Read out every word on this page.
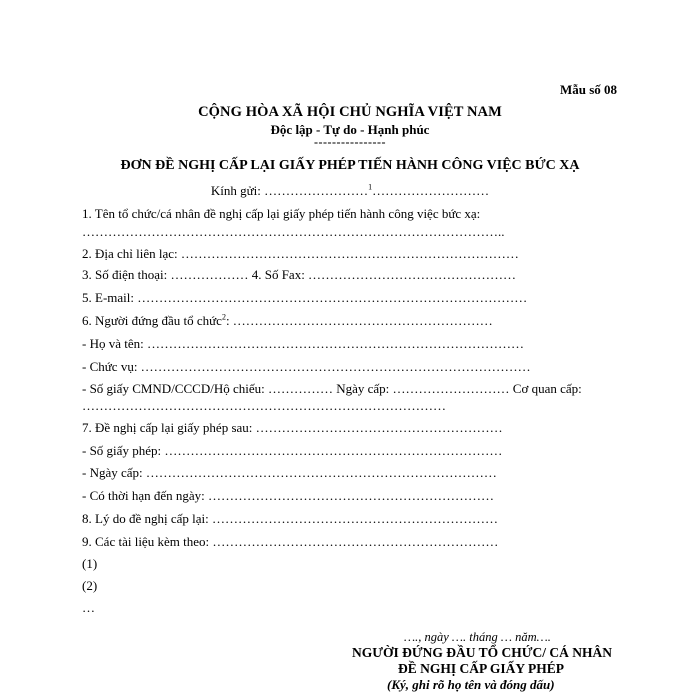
Mẫu số 08
CỘNG HÒA XÃ HỘI CHỦ NGHĨA VIỆT NAM
Độc lập - Tự do - Hạnh phúc
----------------
ĐƠN ĐỀ NGHỊ CẤP LẠI GIẤY PHÉP TIẾN HÀNH CÔNG VIỆC BỨC XẠ
Kính gửi: ……………………$^1$………………………
1. Tên tổ chức/cá nhân đề nghị cấp lại giấy phép tiến hành công việc bức xạ:
……………………………………………………………………………………..
2. Địa chỉ liên lạc: ……………………………………………………………………
3. Số điện thoại: ……………… 4. Số Fax: …………………………………………
5. E-mail: ………………………………………………………………………………
6. Người đứng đầu tổ chức$^2$: ……………………………………………………
- Họ và tên: ……………………………………………………………………………
- Chức vụ: ………………………………………………………………………………
- Số giấy CMND/CCCD/Hộ chiếu: …………… Ngày cấp: ……………………… Cơ quan cấp:
…………………………………………………………………………
7. Đề nghị cấp lại giấy phép sau: …………………………………………………
- Số giấy phép: ……………………………………………………………………
- Ngày cấp: ………………………………………………………………………
- Có thời hạn đến ngày: …………………………………………………………
8. Lý do đề nghị cấp lại: …………………………………………………………
9. Các tài liệu kèm theo: …………………………………………………………
(1)
(2)
…
…., ngày …. tháng … năm….
NGƯỜI ĐỨNG ĐẦU TỔ CHỨC/ CÁ NHÂN
ĐỀ NGHỊ CẤP GIẤY PHÉP
(Ký, ghi rõ họ tên và đóng dấu)
